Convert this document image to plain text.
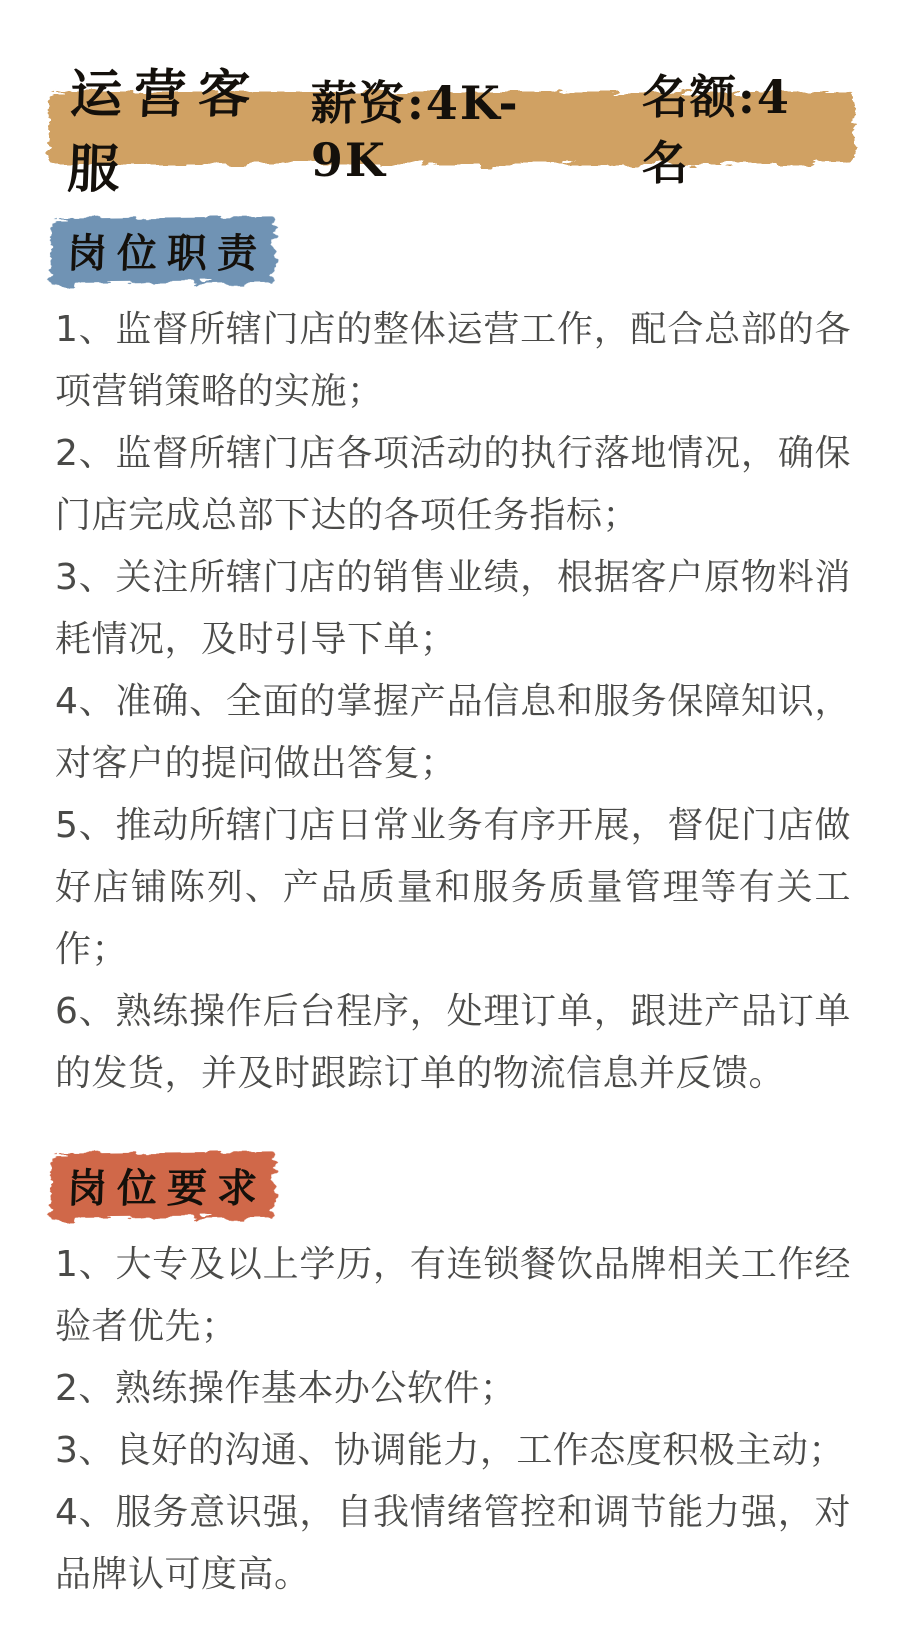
运营客服
薪资:4K-9K
名额:4名
岗位职责
1、监督所辖门店的整体运营工作，配合总部的各项营销策略的实施；
2、监督所辖门店各项活动的执行落地情况，确保门店完成总部下达的各项任务指标；
3、关注所辖门店的销售业绩，根据客户原物料消耗情况，及时引导下单；
4、准确、全面的掌握产品信息和服务保障知识，对客户的提问做出答复；
5、推动所辖门店日常业务有序开展，督促门店做好店铺陈列、产品质量和服务质量管理等有关工作；
6、熟练操作后台程序，处理订单，跟进产品订单的发货，并及时跟踪订单的物流信息并反馈。
岗位要求
1、大专及以上学历，有连锁餐饮品牌相关工作经验者优先；
2、熟练操作基本办公软件；
3、良好的沟通、协调能力，工作态度积极主动；
4、服务意识强，自我情绪管控和调节能力强，对品牌认可度高。
